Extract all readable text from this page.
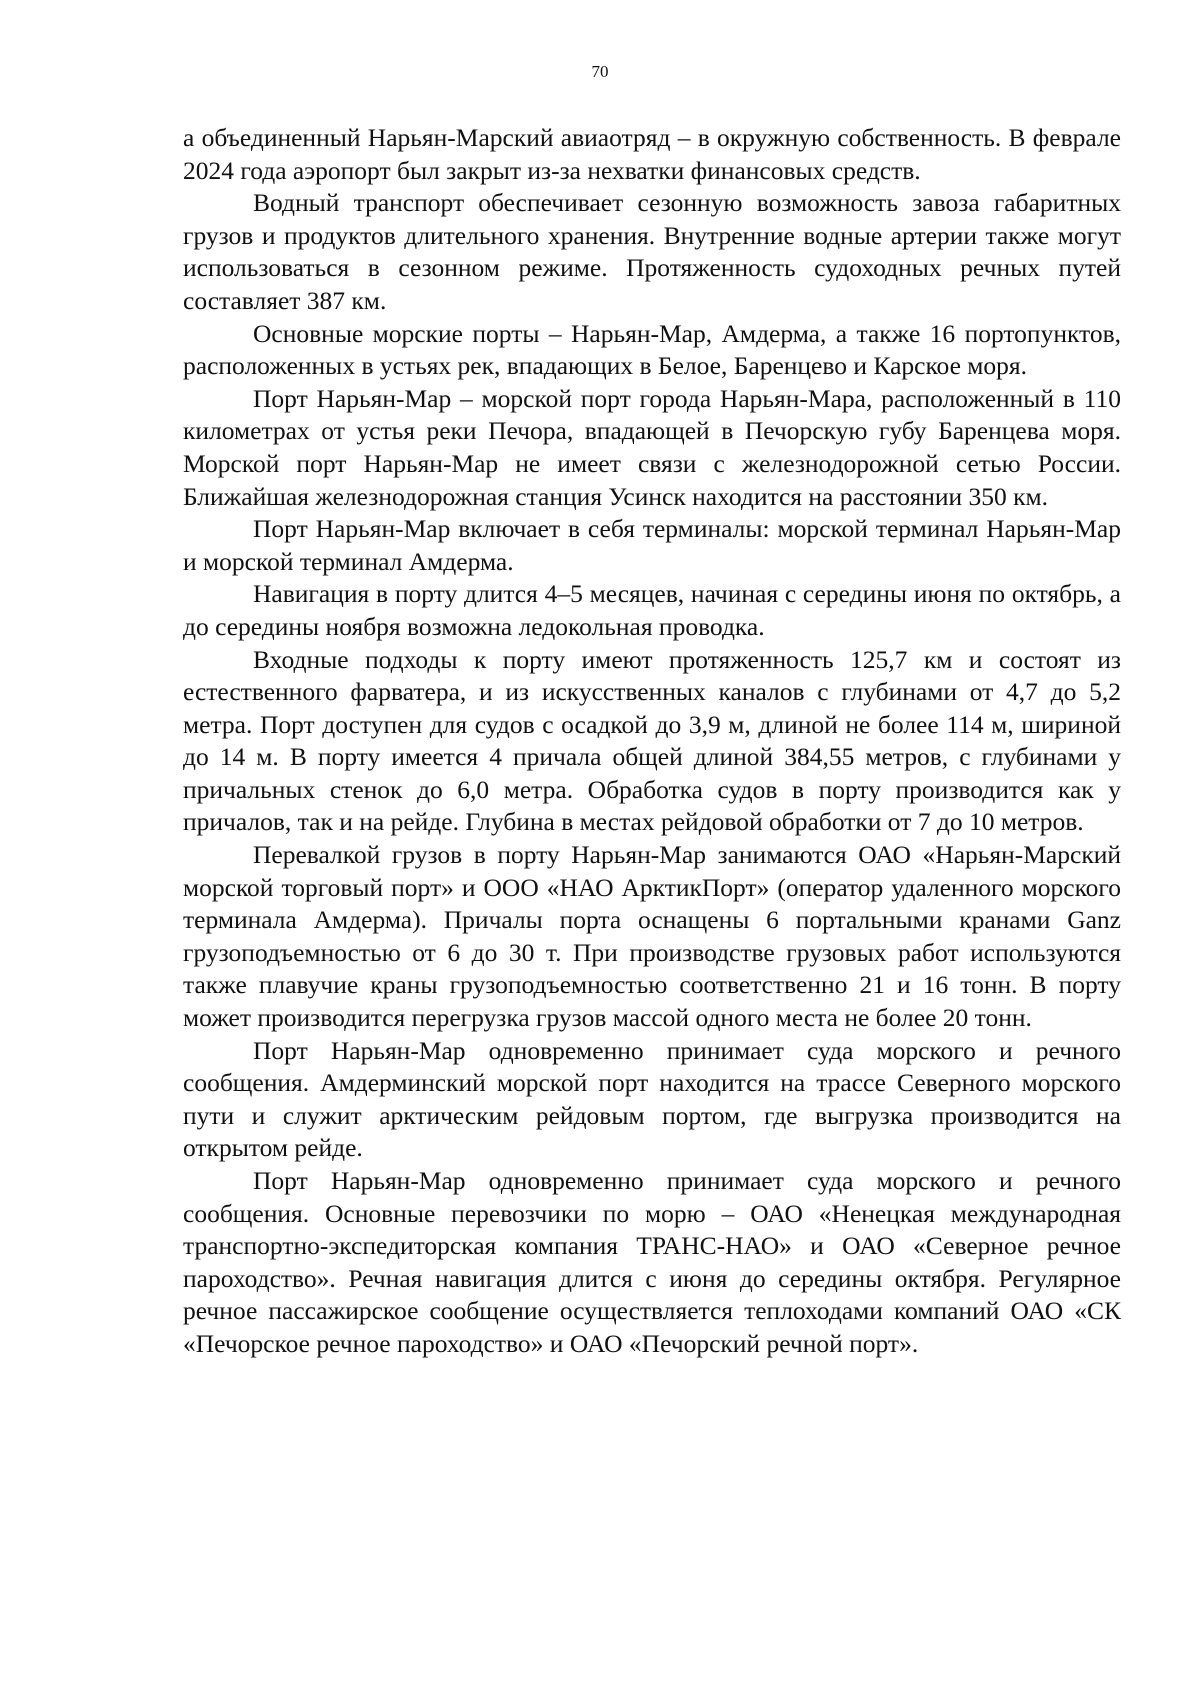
70

а объединенный Нарьян-Марский авиаотряд – в окружную собственность. В феврале 2024 года аэропорт был закрыт из-за нехватки финансовых средств.

Водный транспорт обеспечивает сезонную возможность завоза габаритных грузов и продуктов длительного хранения. Внутренние водные артерии также могут использоваться в сезонном режиме. Протяженность судоходных речных путей составляет 387 км.

Основные морские порты – Нарьян-Мар, Амдерма, а также 16 портопунктов, расположенных в устьях рек, впадающих в Белое, Баренцево и Карское моря.

Порт Нарьян-Мар – морской порт города Нарьян-Мара, расположенный в 110 километрах от устья реки Печора, впадающей в Печорскую губу Баренцева моря. Морской порт Нарьян-Мар не имеет связи с железнодорожной сетью России. Ближайшая железнодорожная станция Усинск находится на расстоянии 350 км.

Порт Нарьян-Мар включает в себя терминалы: морской терминал Нарьян-Мар и морской терминал Амдерма.

Навигация в порту длится 4–5 месяцев, начиная с середины июня по октябрь, а до середины ноября возможна ледокольная проводка.

Входные подходы к порту имеют протяженность 125,7 км и состоят из естественного фарватера, и из искусственных каналов с глубинами от 4,7 до 5,2 метра. Порт доступен для судов с осадкой до 3,9 м, длиной не более 114 м, шириной до 14 м. В порту имеется 4 причала общей длиной 384,55 метров, с глубинами у причальных стенок до 6,0 метра. Обработка судов в порту производится как у причалов, так и на рейде. Глубина в местах рейдовой обработки от 7 до 10 метров.

Перевалкой грузов в порту Нарьян-Мар занимаются ОАО «Нарьян-Марский морской торговый порт» и ООО «НАО АрктикПорт» (оператор удаленного морского терминала Амдерма). Причалы порта оснащены 6 портальными кранами Ganz грузоподъемностью от 6 до 30 т. При производстве грузовых работ используются также плавучие краны грузоподъемностью соответственно 21 и 16 тонн. В порту может производится перегрузка грузов массой одного места не более 20 тонн.

Порт Нарьян-Мар одновременно принимает суда морского и речного сообщения. Амдерминский морской порт находится на трассе Северного морского пути и служит арктическим рейдовым портом, где выгрузка производится на открытом рейде.

Порт Нарьян-Мар одновременно принимает суда морского и речного сообщения. Основные перевозчики по морю – ОАО «Ненецкая международная транспортно-экспедиторская компания ТРАНС-НАО» и ОАО «Северное речное пароходство». Речная навигация длится с июня до середины октября. Регулярное речное пассажирское сообщение осуществляется теплоходами компаний ОАО «СК «Печорское речное пароходство» и ОАО «Печорский речной порт».
